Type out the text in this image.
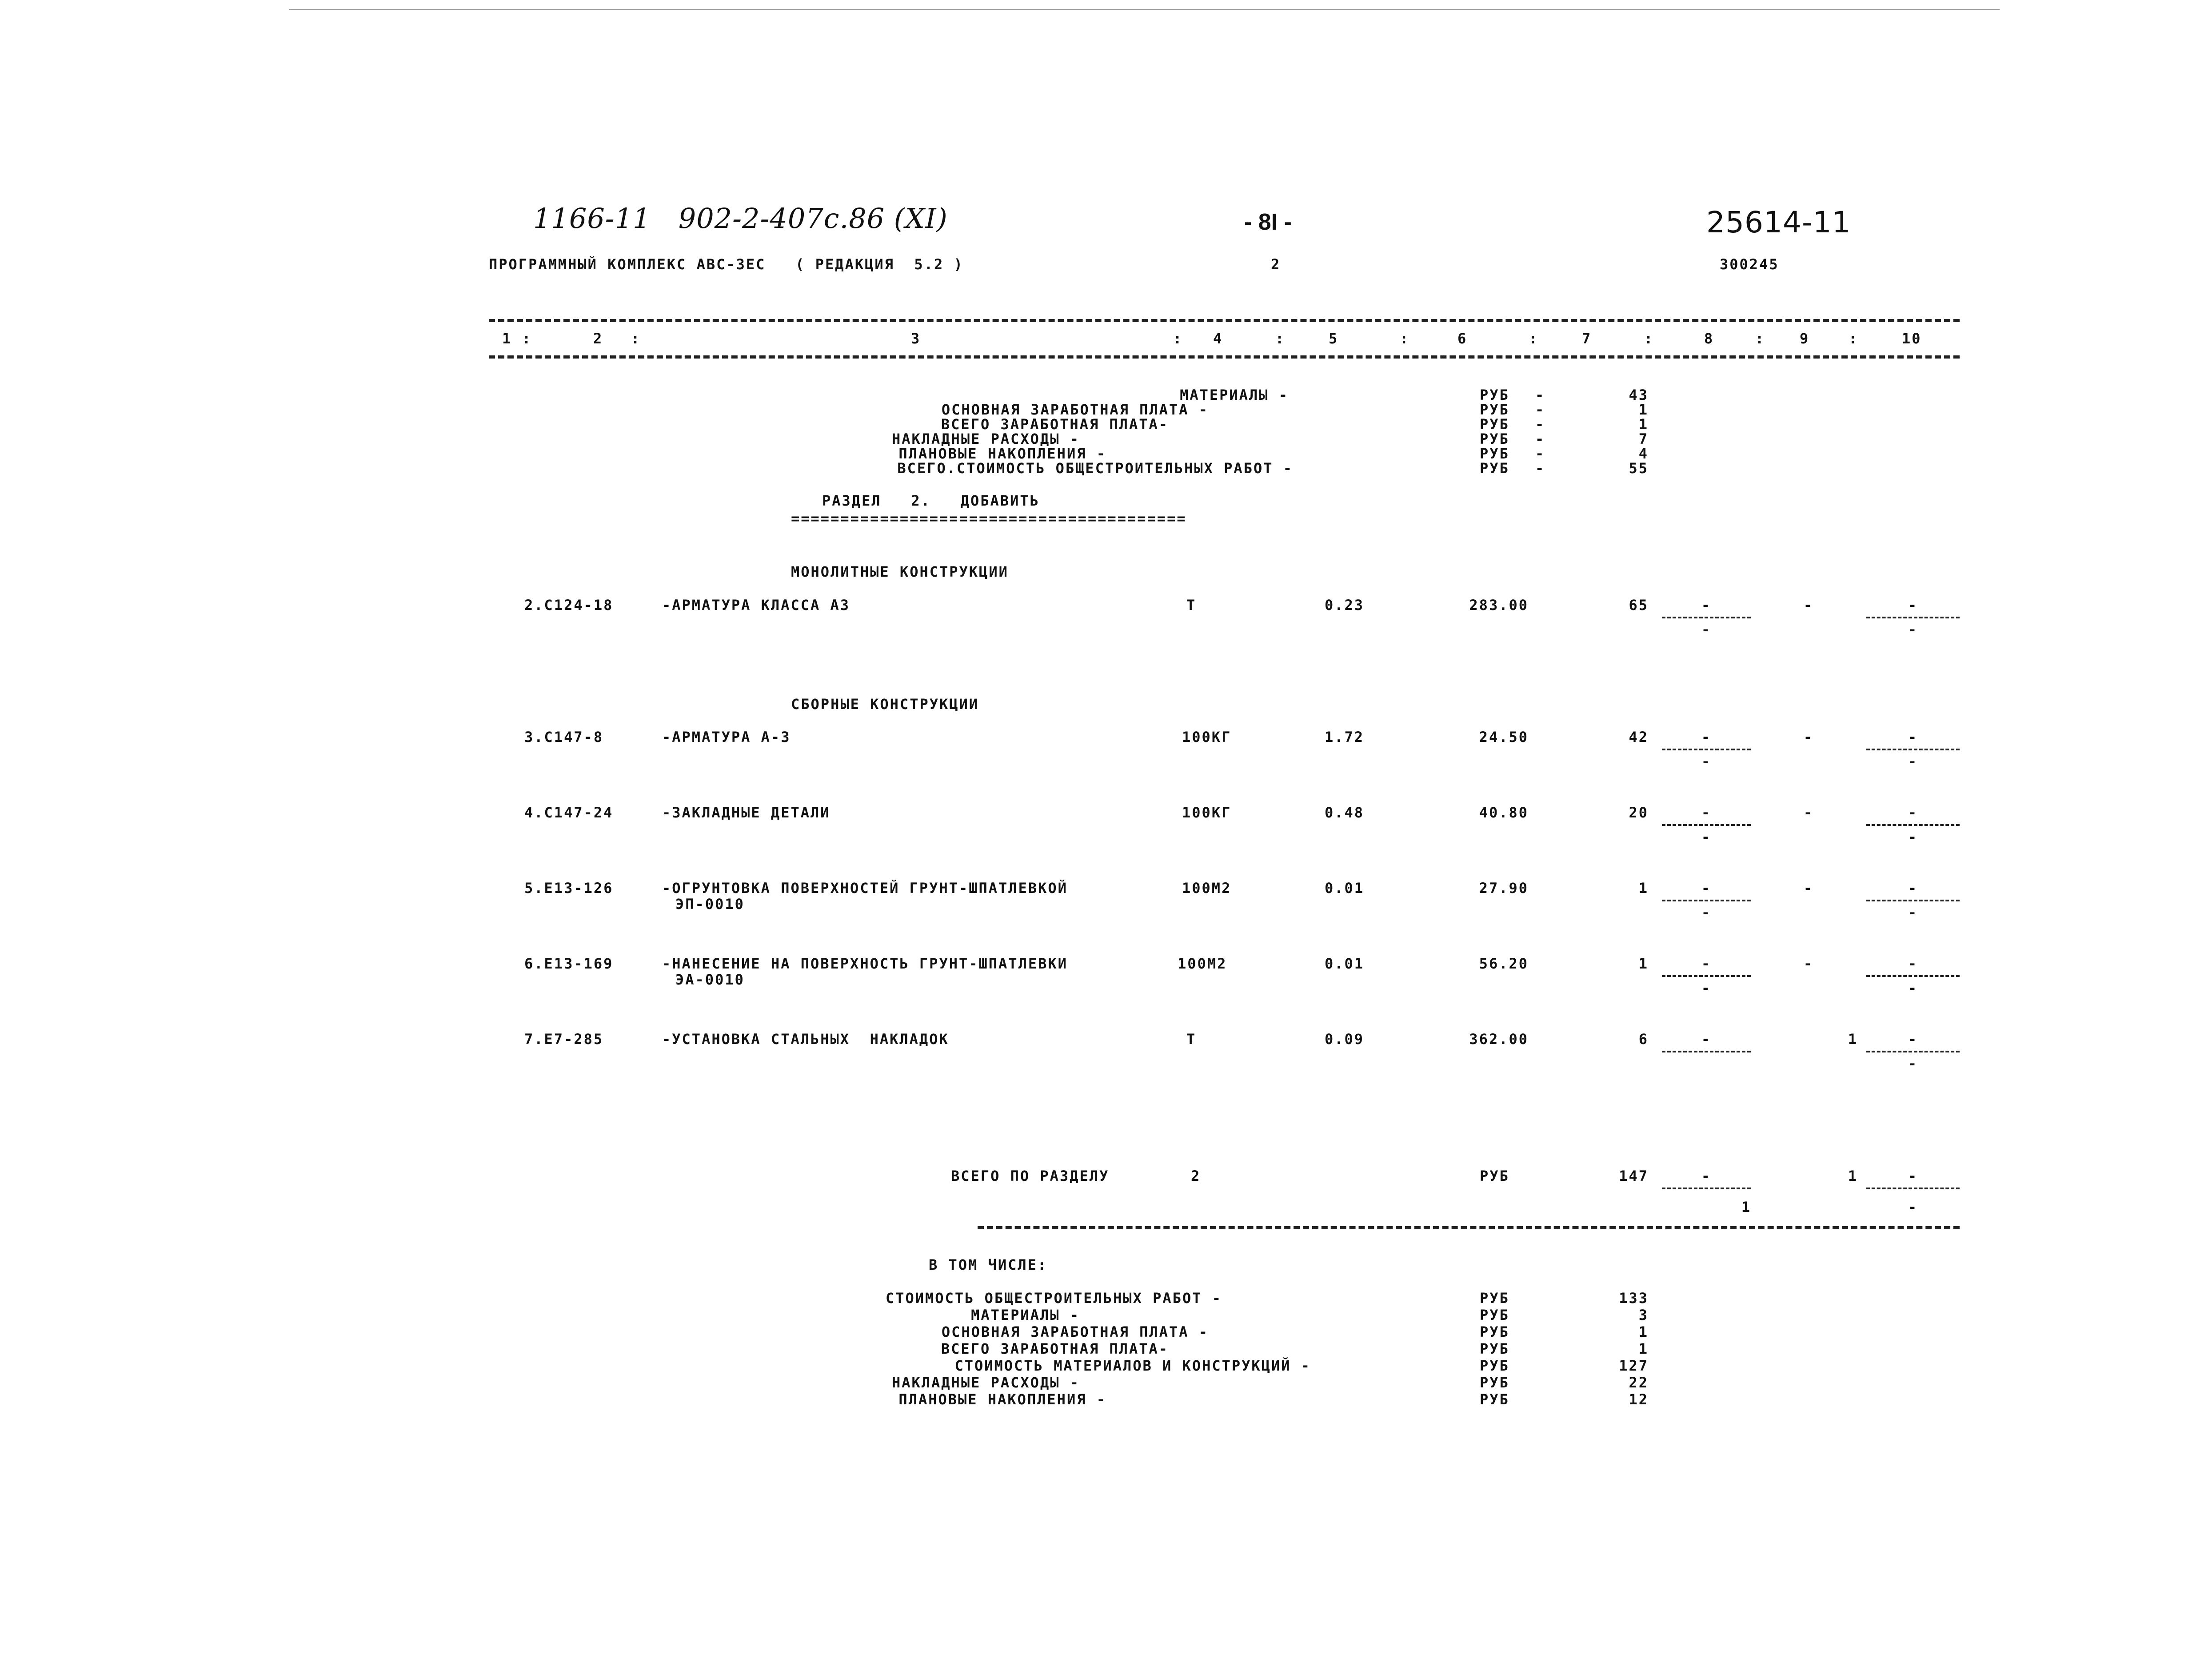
1166-11   902-2-407с.86 (XI)	- 8I -	25614-11
ПРОГРАММНЫЙ КОМПЛЕКС АВС-ЗЕС   ( РЕДАКЦИЯ  5.2 )	2	300245
1 :	2 :	3	: 4	:	5	:	6	:	7	:	8	: 9	:	10
МАТЕРИАЛЫ -	РУБ -	43
ОСНОВНАЯ ЗАРАБОТНАЯ ПЛАТА -	РУБ -	1
ВСЕГО ЗАРАБОТНАЯ ПЛАТА-	РУБ -	1
НАКЛАДНЫЕ РАСХОДЫ -	РУБ -	7
ПЛАНОВЫЕ НАКОПЛЕНИЯ -	РУБ -	4
ВСЕГО.СТОИМОСТЬ ОБЩЕСТРОИТЕЛЬНЫХ РАБОТ -	РУБ -	55
РАЗДЕЛ   2.   ДОБАВИТЬ
========================================
МОНОЛИТНЫЕ КОНСТРУКЦИИ
2.С124-18	-АРМАТУРА КЛАССА А3	Т	0.23	283.00	65	-	-	-
-	-
СБОРНЫЕ КОНСТРУКЦИИ
3.С147-8	-АРМАТУРА А-3	100КГ	1.72	24.50	42	-	-	-
-	-
4.С147-24	-ЗАКЛАДНЫЕ ДЕТАЛИ	100КГ	0.48	40.80	20	-	-	-
-	-
5.Е13-126	-ОГРУНТОВКА ПОВЕРХНОСТЕЙ ГРУНТ-ШПАТЛЕВКОЙ
ЭП-0010
100М2	0.01	27.90	1	-	-	-
-	-
6.Е13-169	-НАНЕСЕНИЕ НА ПОВЕРХНОСТЬ ГРУНТ-ШПАТЛЕВКИ
ЭА-0010
100М2	0.01	56.20	1	-	-	-
-	-
7.Е7-285	-УСТАНОВКА СТАЛЬНЫХ  НАКЛАДОК	Т	0.09	362.00	6	-	1	-
-
ВСЕГО ПО РАЗДЕЛУ	2	РУБ	147	-	1	-
1	-
В ТОМ ЧИСЛЕ:
СТОИМОСТЬ ОБЩЕСТРОИТЕЛЬНЫХ РАБОТ -	РУБ	133
МАТЕРИАЛЫ -	РУБ	3
ОСНОВНАЯ ЗАРАБОТНАЯ ПЛАТА -	РУБ	1
ВСЕГО ЗАРАБОТНАЯ ПЛАТА-	РУБ	1
СТОИМОСТЬ МАТЕРИАЛОВ И КОНСТРУКЦИЙ -	РУБ	127
НАКЛАДНЫЕ РАСХОДЫ -	РУБ	22
ПЛАНОВЫЕ НАКОПЛЕНИЯ -	РУБ	12
